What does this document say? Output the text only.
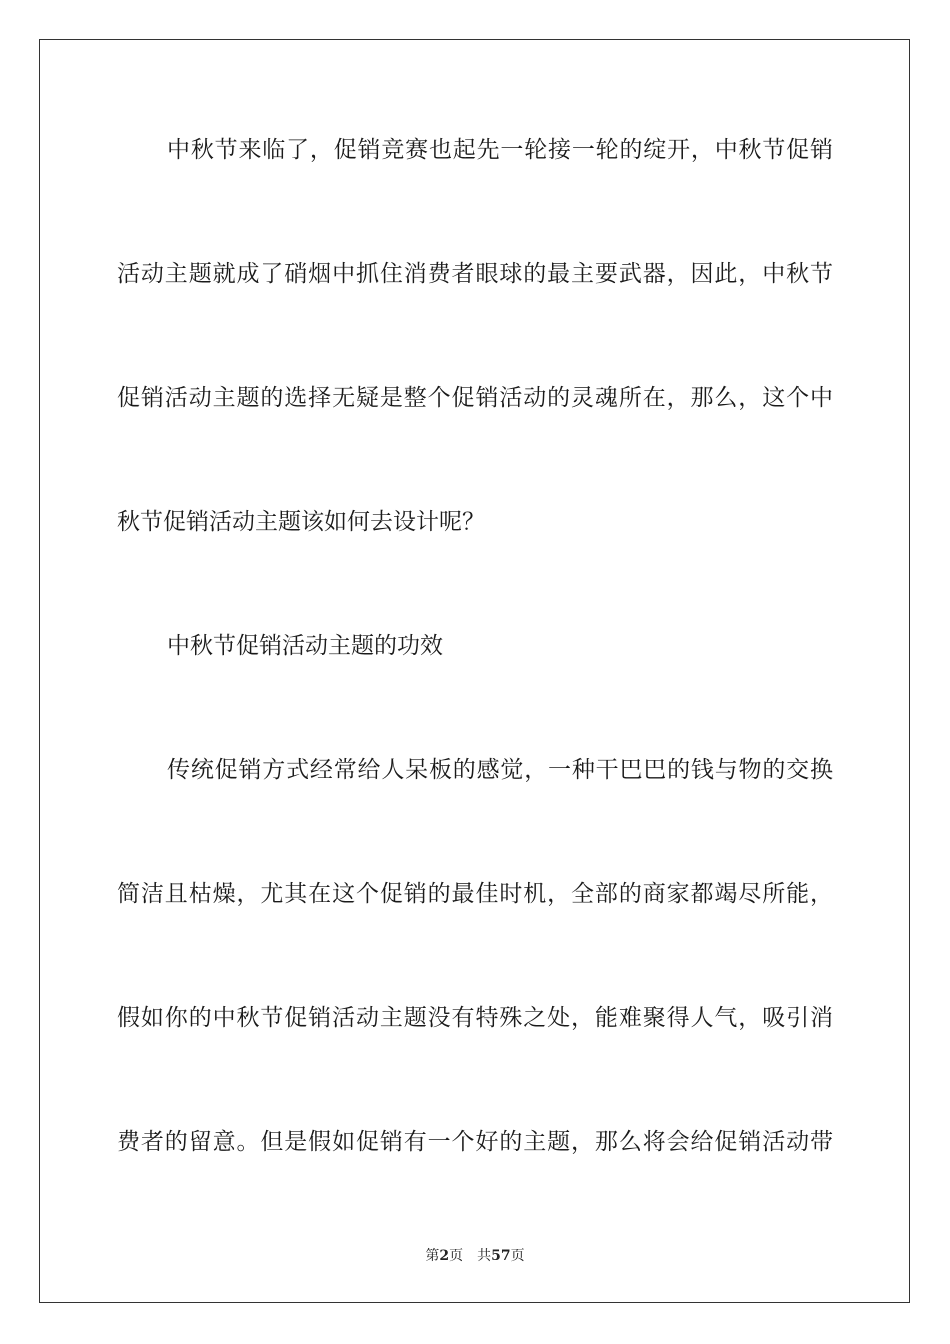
中秋节来临了，促销竞赛也起先一轮接一轮的绽开，中秋节促销
活动主题就成了硝烟中抓住消费者眼球的最主要武器，因此，中秋节
促销活动主题的选择无疑是整个促销活动的灵魂所在，那么，这个中
秋节促销活动主题该如何去设计呢？
中秋节促销活动主题的功效
传统促销方式经常给人呆板的感觉，一种干巴巴的钱与物的交换
简洁且枯燥，尤其在这个促销的最佳时机，全部的商家都竭尽所能，
假如你的中秋节促销活动主题没有特殊之处，能难聚得人气，吸引消
费者的留意。但是假如促销有一个好的主题，那么将会给促销活动带
第2页 共57页
